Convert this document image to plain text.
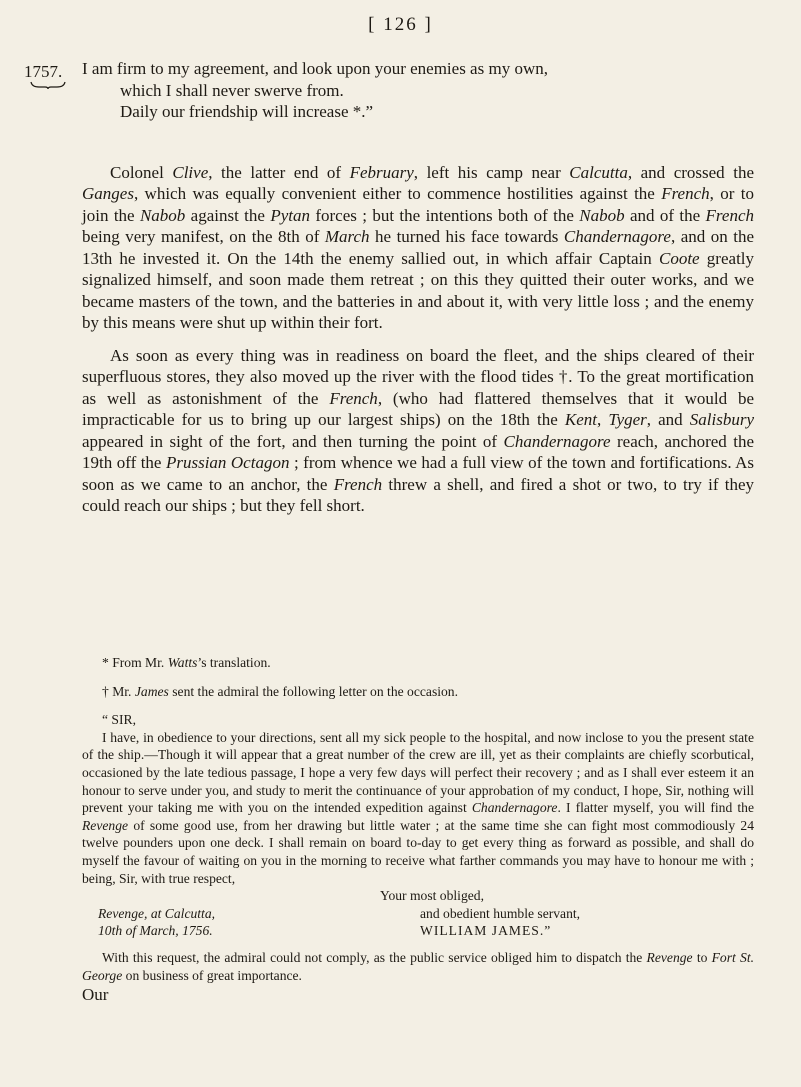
[ 126 ]
1757. I am firm to my agreement, and look upon your enemies as my own,

which I shall never swerve from.

Daily our friendship will increase *.”

Colonel Clive, the latter end of February, left his camp near Calcutta, and crossed the Ganges, which was equally convenient either to commence hostilities against the French, or to join the Nabob against the Pytan forces ; but the intentions both of the Nabob and of the French being very manifest, on the 8th of March he turned his face towards Chandernagore, and on the 13th he invested it. On the 14th the enemy sallied out, in which affair Captain Coote greatly signalized himself, and soon made them retreat ; on this they quitted their outer works, and we became masters of the town, and the batteries in and about it, with very little loss ; and the enemy by this means were shut up within their fort.

As soon as every thing was in readiness on board the fleet, and the ships cleared of their superfluous stores, they also moved up the river with the flood tides †. To the great mortification as well as astonishment of the French, (who had flattered themselves that it would be impracticable for us to bring up our largest ships) on the 18th the Kent, Tyger, and Salisbury appeared in sight of the fort, and then turning the point of Chandernagore reach, anchored the 19th off the Prussian Octagon ; from whence we had a full view of the town and fortifications. As soon as we came to an anchor, the French threw a shell, and fired a shot or two, to try if they could reach our ships ; but they fell short.

* From Mr. Watts’s translation.

† Mr. James sent the admiral the following letter on the occasion.

“ SIR,

I have, in obedience to your directions, sent all my sick people to the hospital, and now inclose to you the present state of the ship.—Though it will appear that a great number of the crew are ill, yet as their complaints are chiefly scorbutical, occasioned by the late tedious passage, I hope a very few days will perfect their recovery ; and as I shall ever esteem it an honour to serve under you, and study to merit the continuance of your approbation of my conduct, I hope, Sir, nothing will prevent your taking me with you on the intended expedition against Chandernagore. I flatter myself, you will find the Revenge of some good use, from her drawing but little water ; at the same time she can fight most commodiously 24 twelve pounders upon one deck. I shall remain on board to-day to get every thing as forward as possible, and shall do myself the favour of waiting on you in the morning to receive what farther commands you may have to honour me with ; being, Sir, with true respect,

Your most obliged,

Revenge, at Calcutta,	and obedient humble servant,
10th of March, 1756.	WILLIAM JAMES.”

With this request, the admiral could not comply, as the public service obliged him to dispatch the Revenge to Fort St. George on business of great importance.

Our
